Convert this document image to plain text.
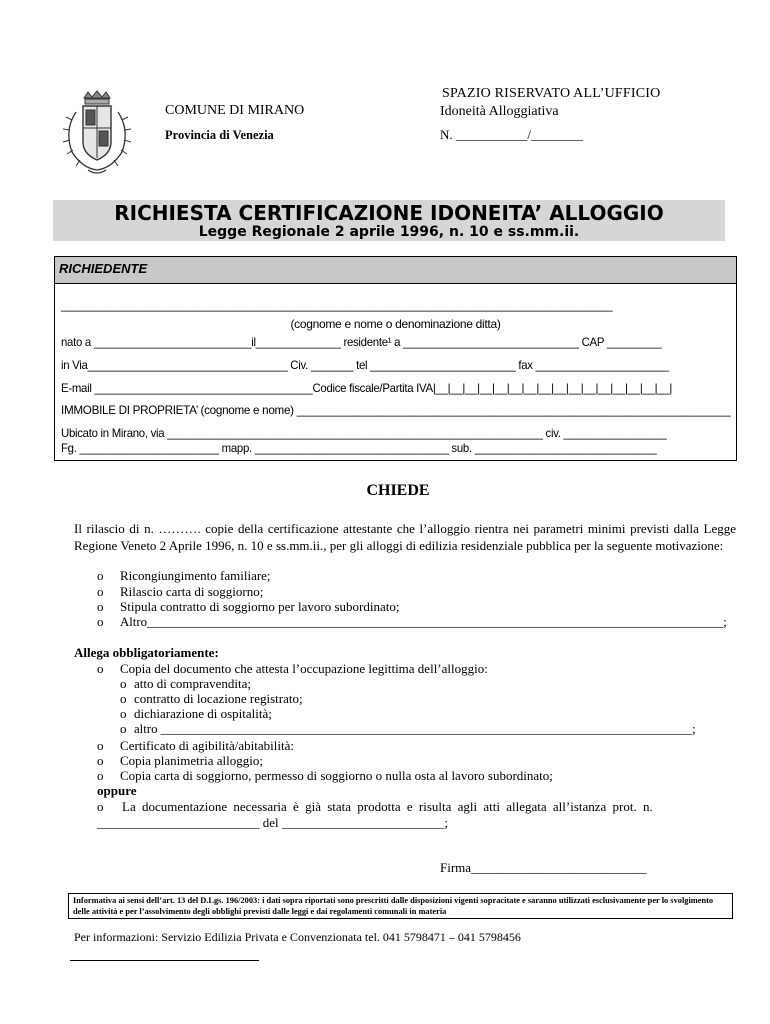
COMUNE DI MIRANO
Provincia di Venezia
SPAZIO RISERVATO ALL’UFFICIO
Idoneità Alloggiativa
N. ___________/________
RICHIESTA CERTIFICAZIONE IDONEITA’ ALLOGGIO
Legge Regionale 2 aprile 1996, n. 10 e ss.mm.ii.
RICHIEDENTE
______________________________________________________________________________________________
(cognome e nome o denominazione ditta)
nato a __________________________il______________ residente¹ a _____________________________ CAP _________
in Via_________________________________ Civ. _______ tel ________________________ fax ______________________
E-mail ____________________________________Codice fiscale/Partita IVA|__|__|__|__|__|__|__|__|__|__|__|__|__|__|__|__|
IMMOBILE DI PROPRIETA’ (cognome e nome) ______________________________________________________________________
Ubicato in Mirano, via ______________________________________________________________ civ. _________________
Fg. _______________________ mapp. ________________________________ sub. ______________________________
CHIEDE
Il rilascio di n. ………. copie della certificazione attestante che l’alloggio rientra nei parametri minimi previsti dalla Legge Regione Veneto 2 Aprile 1996, n. 10 e ss.mm.ii., per gli alloggi di edilizia residenziale pubblica per la seguente motivazione:
o Ricongiungimento familiare;
o Rilascio carta di soggiorno;
o Stipula contratto di soggiorno per lavoro subordinato;
o Altro__________________________________________________________________________________________;
Allega obbligatoriamente:
o Copia del documento che attesta l’occupazione legittima dell’alloggio:
o atto di compravendita;
o contratto di locazione registrato;
o dichiarazione di ospitalità;
o altro ___________________________________________________________________________________;
o Certificato di agibilità/abitabilità:
o Copia planimetria alloggio;
o Copia carta di soggiorno, permesso di soggiorno o nulla osta al lavoro subordinato;
oppure
o La documentazione necessaria è già stata prodotta e risulta agli atti allegata all’istanza prot. n.
_________________________ del _________________________;
Firma___________________________
Informativa ai sensi dell’art. 13 del D.Lgs. 196/2003: i dati sopra riportati sono prescritti dalle disposizioni vigenti sopracitate e saranno utilizzati esclusivamente per lo svolgimento delle attività e per l’assolvimento degli obblighi previsti dalle leggi e dai regolamenti comunali in materia
Per informazioni: Servizio Edilizia Privata e Convenzionata tel. 041 5798471 – 041 5798456
